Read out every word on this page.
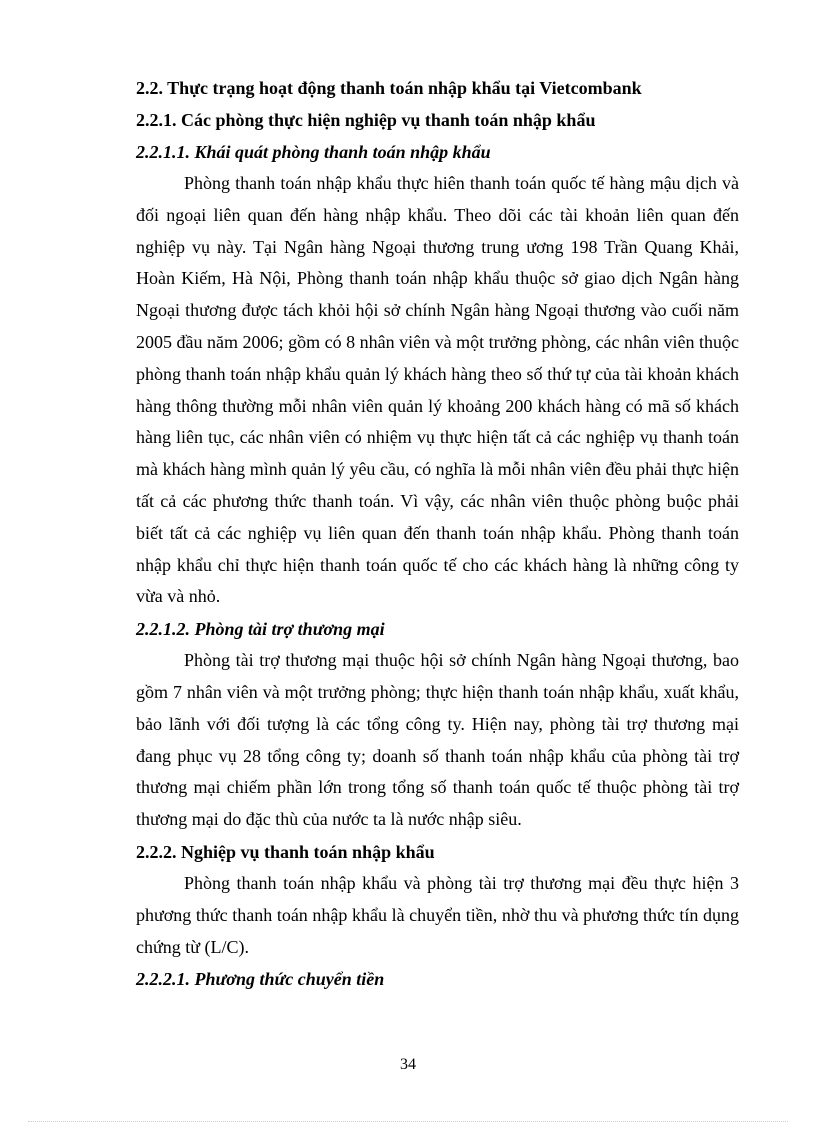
2.2. Thực trạng hoạt động thanh toán nhập khẩu tại Vietcombank
2.2.1. Các phòng thực hiện nghiệp vụ thanh toán nhập khẩu
2.2.1.1. Khái quát phòng thanh toán nhập khẩu

Phòng thanh toán nhập khẩu thực hiên thanh toán quốc tế hàng mậu dịch và đối ngoại liên quan đến hàng nhập khẩu. Theo dõi các tài khoản liên quan đến nghiệp vụ này. Tại Ngân hàng Ngoại thương trung ương 198 Trần Quang Khải, Hoàn Kiếm, Hà Nội, Phòng thanh toán nhập khẩu thuộc sở giao dịch Ngân hàng Ngoại thương được tách khỏi hội sở chính Ngân hàng Ngoại thương vào cuối năm 2005 đầu năm 2006; gồm có 8 nhân viên và một trưởng phòng, các nhân viên thuộc phòng thanh toán nhập khẩu quản lý khách hàng theo số thứ tự của tài khoản khách hàng thông thường mỗi nhân viên quản lý khoảng 200 khách hàng có mã số khách hàng liên tục, các nhân viên có nhiệm vụ thực hiện tất cả các nghiệp vụ thanh toán mà khách hàng mình quản lý yêu cầu, có nghĩa là mỗi nhân viên đều phải thực hiện tất cả các phương thức thanh toán. Vì vậy, các nhân viên thuộc phòng buộc phải biết tất cả các nghiệp vụ liên quan đến thanh toán nhập khẩu. Phòng thanh toán nhập khẩu chỉ thực hiện thanh toán quốc tế cho các khách hàng là những công ty vừa và nhỏ.

2.2.1.2. Phòng tài trợ thương mại

Phòng tài trợ thương mại thuộc hội sở chính Ngân hàng Ngoại thương, bao gồm 7 nhân viên và một trưởng phòng; thực hiện thanh toán nhập khẩu, xuất khẩu, bảo lãnh với đối tượng là các tổng công ty. Hiện nay, phòng tài trợ thương mại đang phục vụ 28 tổng công ty; doanh số thanh toán nhập khẩu của phòng tài trợ thương mại chiếm phần lớn trong tổng số thanh toán quốc tế thuộc phòng tài trợ thương mại do đặc thù của nước ta là nước nhập siêu.

2.2.2. Nghiệp vụ thanh toán nhập khẩu

Phòng thanh toán nhập khẩu và phòng tài trợ thương mại đều thực hiện 3 phương thức thanh toán nhập khẩu là chuyển tiền, nhờ thu và phương thức tín dụng chứng từ (L/C).

2.2.2.1. Phương thức chuyển tiền
34
